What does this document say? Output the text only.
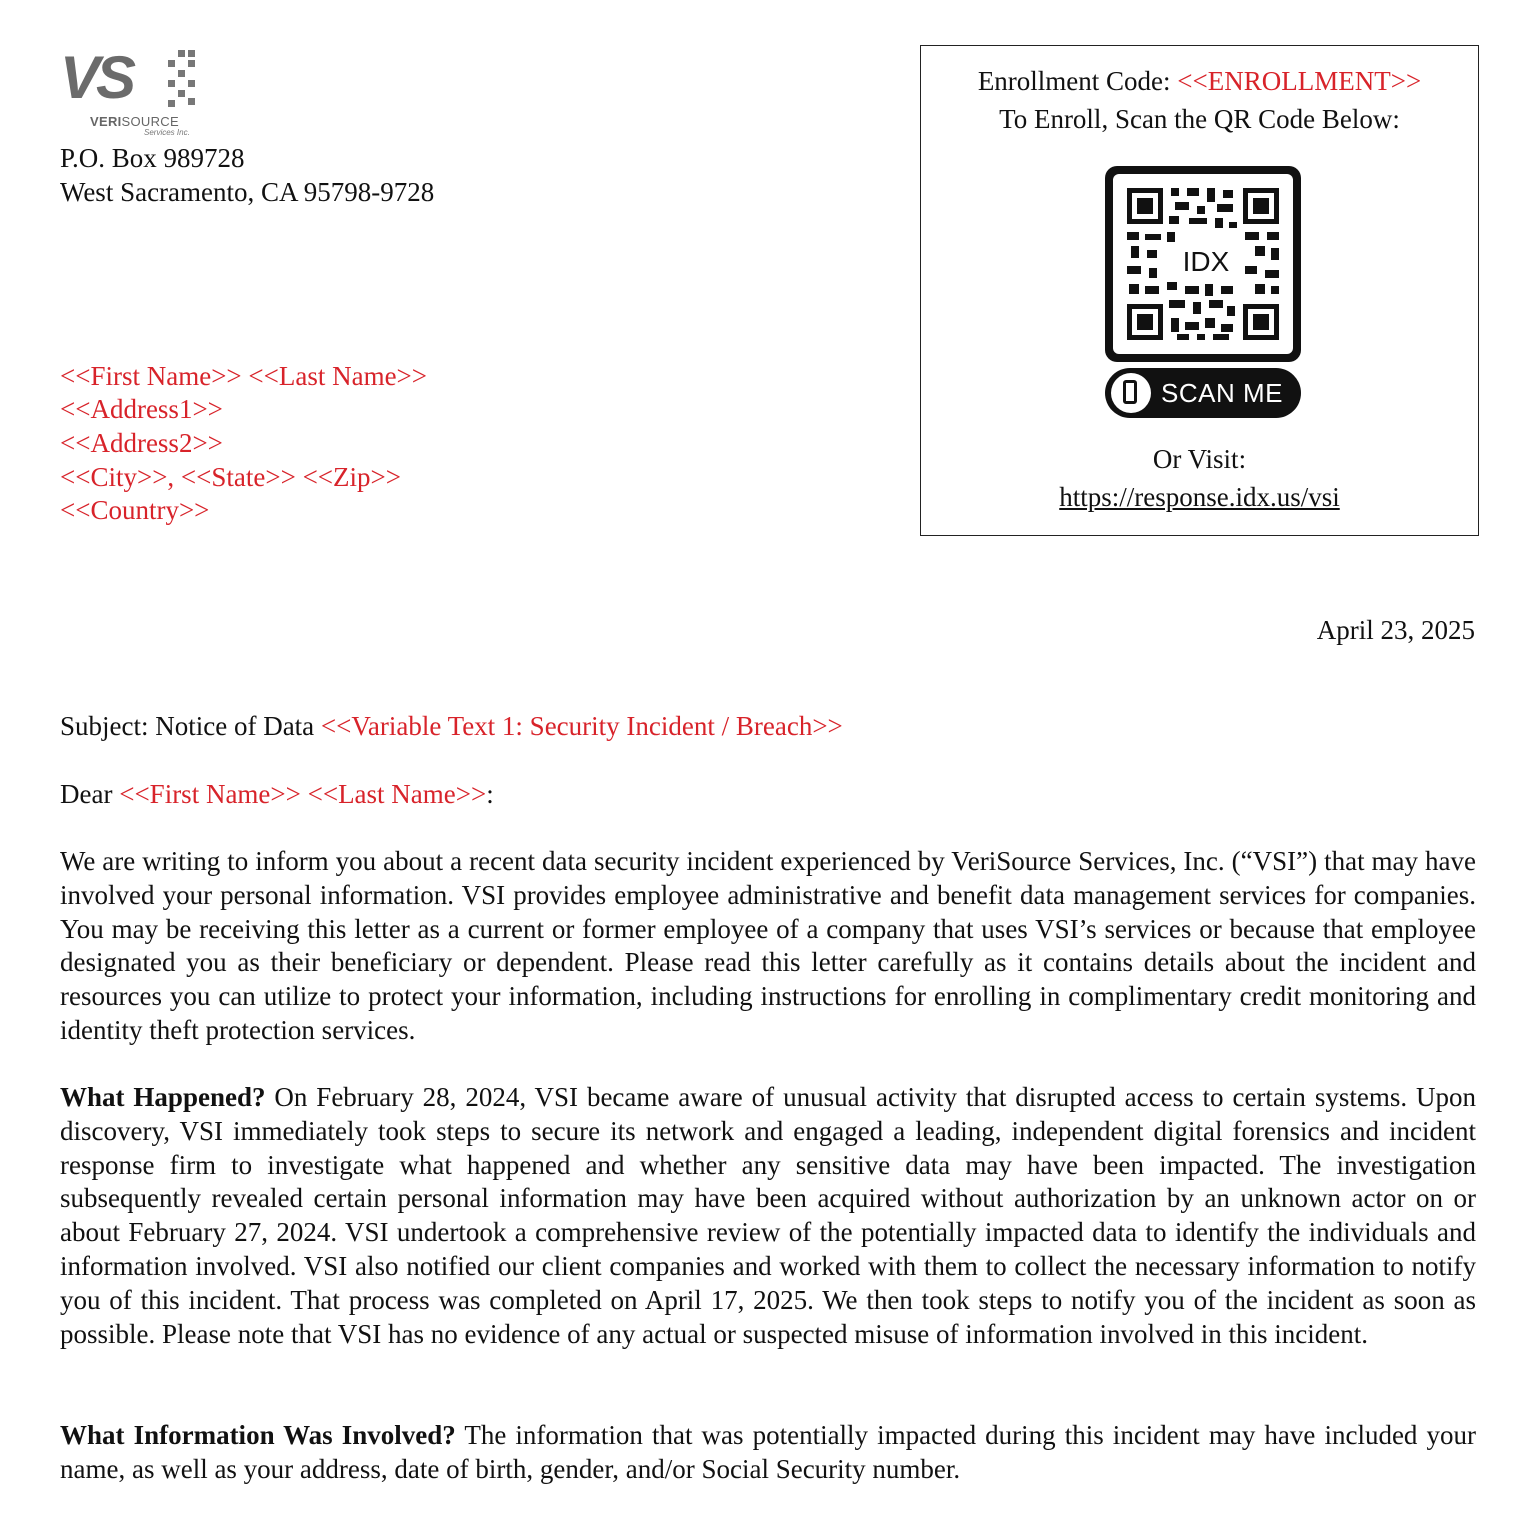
VS
VERISOURCE
Services Inc.
P.O. Box 989728
West Sacramento, CA 95798-9728
<<First Name>> <<Last Name>>
<<Address1>>
<<Address2>>
<<City>>, <<State>> <<Zip>>
<<Country>>
Enrollment Code: <<ENROLLMENT>>
To Enroll, Scan the QR Code Below:
IDX
SCAN ME
Or Visit:
https://response.idx.us/vsi
April 23, 2025
Subject: Notice of Data <<Variable Text 1: Security Incident / Breach>>
Dear <<First Name>> <<Last Name>>:
We are writing to inform you about a recent data security incident experienced by VeriSource Services, Inc. (“VSI”) that may have involved your personal information. VSI provides employee administrative and benefit data management services for companies. You may be receiving this letter as a current or former employee of a company that uses VSI’s services or because that employee designated you as their beneficiary or dependent. Please read this letter carefully as it contains details about the incident and resources you can utilize to protect your information, including instructions for enrolling in complimentary credit monitoring and identity theft protection services.
What Happened? On February 28, 2024, VSI became aware of unusual activity that disrupted access to certain systems. Upon discovery, VSI immediately took steps to secure its network and engaged a leading, independent digital forensics and incident response firm to investigate what happened and whether any sensitive data may have been impacted. The investigation subsequently revealed certain personal information may have been acquired without authorization by an unknown actor on or about February 27, 2024. VSI undertook a comprehensive review of the potentially impacted data to identify the individuals and information involved. VSI also notified our client companies and worked with them to collect the necessary information to notify you of this incident. That process was completed on April 17, 2025. We then took steps to notify you of the incident as soon as possible. Please note that VSI has no evidence of any actual or suspected misuse of information involved in this incident.
What Information Was Involved? The information that was potentially impacted during this incident may have included your name, as well as your address, date of birth, gender, and/or Social Security number.
